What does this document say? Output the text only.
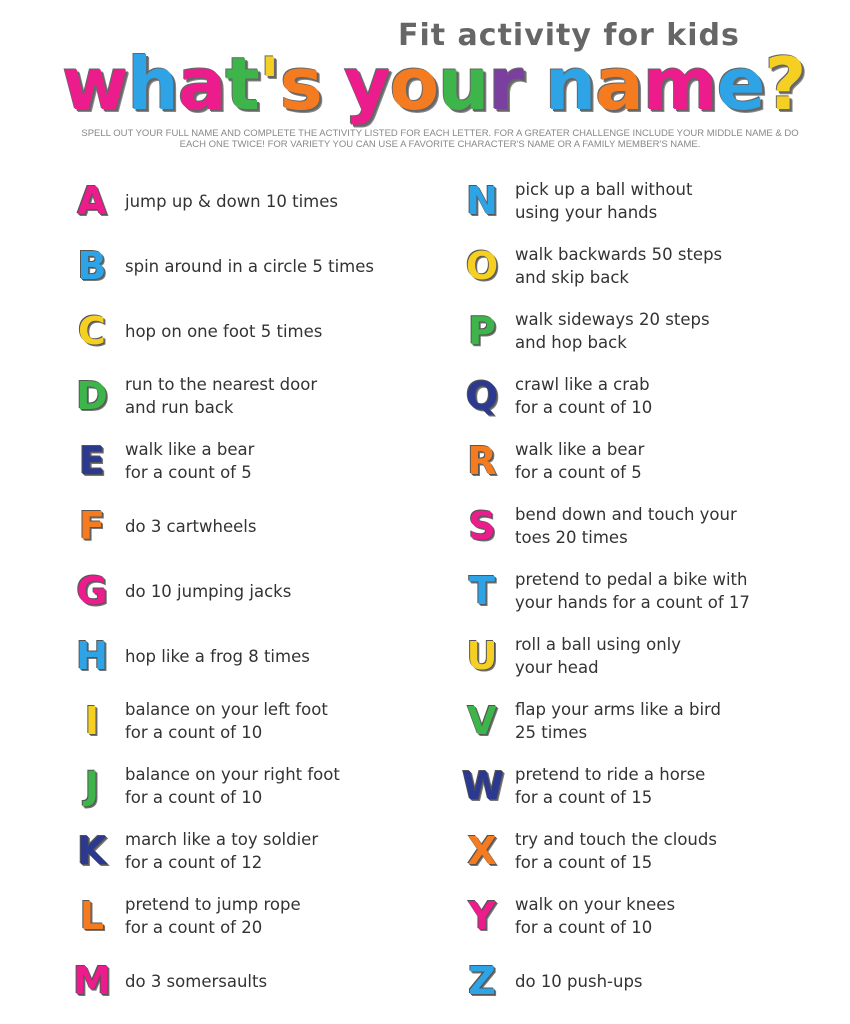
Fit activity for kids
what's your name?
SPELL OUT YOUR FULL NAME AND COMPLETE THE ACTIVITY LISTED FOR EACH LETTER. FOR A GREATER CHALLENGE INCLUDE YOUR MIDDLE NAME & DO EACH ONE TWICE! FOR VARIETY YOU CAN USE A FAVORITE CHARACTER'S NAME OR A FAMILY MEMBER'S NAME.
A	jump up & down 10 times
B	spin around in a circle 5 times
C	hop on one foot 5 times
D run to the nearest door
and run back
E	walk like a bear
for a count of 5
F	do 3 cartwheels
G do 10 jumping jacks
H hop like a frog 8 times
I	balance on your left foot
for a count of 10
J	balance on your right foot
for a count of 10
K	march like a toy soldier
for a count of 12
L	pretend to jump rope
for a count of 20
M do 3 somersaults
N pick up a ball without
using your hands
O walk backwards 50 steps
and skip back
P	walk sideways 20 steps
and hop back
Q crawl like a crab
for a count of 10
R	walk like a bear
for a count of 5
S	bend down and touch your
toes 20 times
T	pretend to pedal a bike with
your hands for a count of 17
U roll a ball using only
your head
V	flap your arms like a bird
25 times
W pretend to ride a horse
for a count of 15
X	try and touch the clouds
for a count of 15
Y	walk on your knees
for a count of 10
Z	do 10 push-ups
